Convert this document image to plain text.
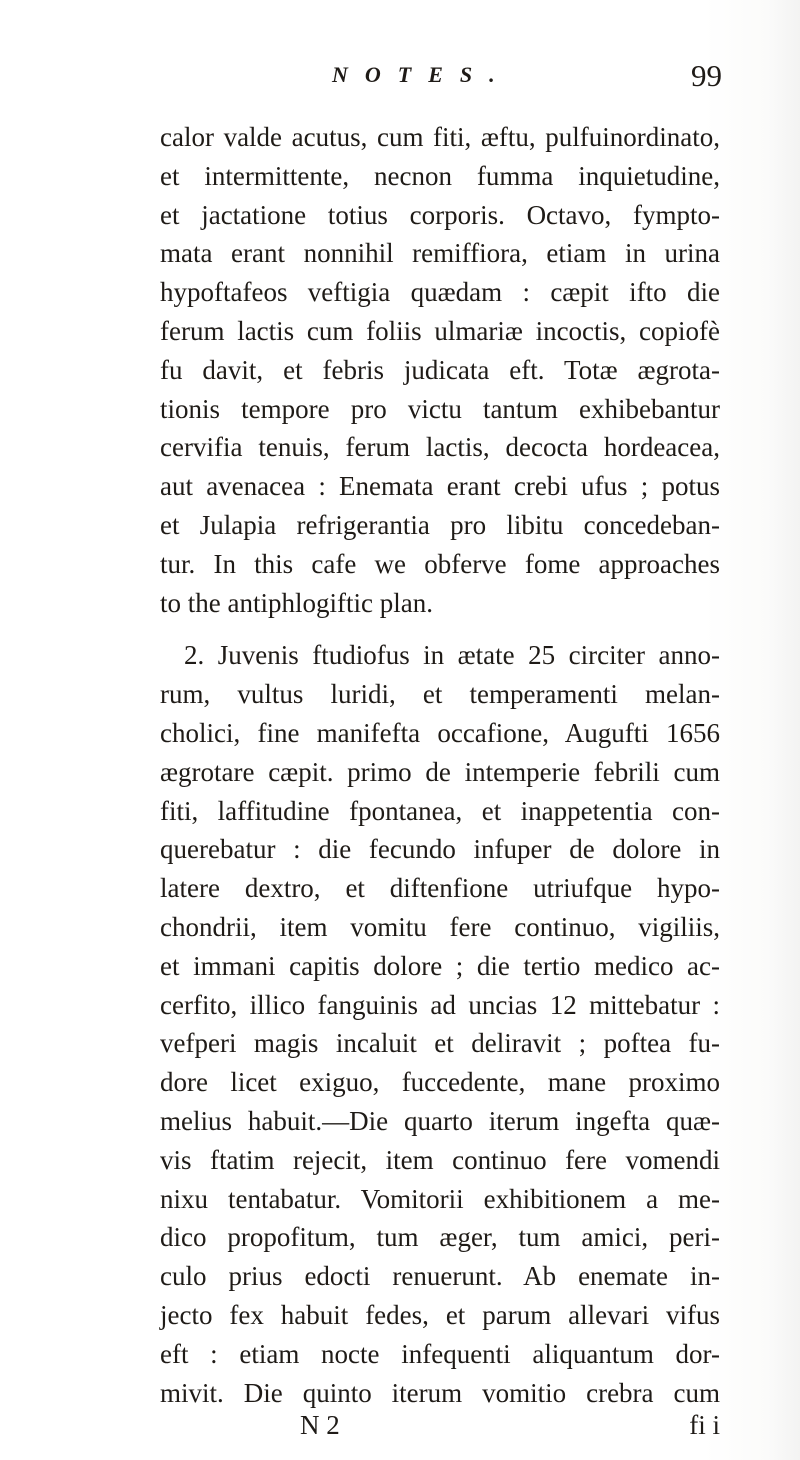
NOTES.	99
calor valde acutus, cum fiti, æftu, pulfuinordinato,
et intermittente, necnon fumma inquietudine,
et jactatione totius corporis. Octavo, fympto-
mata erant nonnihil remiffiora, etiam in urina
hypoftafeos veftigia quædam : cæpit ifto die
ferum lactis cum foliis ulmariæ incoctis, copiofè
fu davit, et febris judicata eft. Totæ ægrota-
tionis tempore pro victu tantum exhibebantur
cervifia tenuis, ferum lactis, decocta hordeacea,
aut avenacea : Enemata erant crebi ufus ; potus
et Julapia refrigerantia pro libitu concedeban-
tur. In this cafe we obferve fome approaches
to the antiphlogiftic plan.
2. Juvenis ftudiofus in ætate 25 circiter anno-
rum, vultus luridi, et temperamenti melan-
cholici, fine manifefta occafione, Augufti 1656
ægrotare cæpit. primo de intemperie febrili cum
fiti, laffitudine fpontanea, et inappetentia con-
querebatur : die fecundo infuper de dolore in
latere dextro, et diftenfione utriufque hypo-
chondrii, item vomitu fere continuo, vigiliis,
et immani capitis dolore ; die tertio medico ac-
cerfito, illico fanguinis ad uncias 12 mittebatur :
vefperi magis incaluit et deliravit ; poftea fu-
dore licet exiguo, fuccedente, mane proximo
melius habuit.—Die quarto iterum ingefta quæ-
vis ftatim rejecit, item continuo fere vomendi
nixu tentabatur. Vomitorii exhibitionem a me-
dico propofitum, tum æger, tum amici, peri-
culo prius edocti renuerunt. Ab enemate in-
jecto fex habuit fedes, et parum allevari vifus
eft : etiam nocte infequenti aliquantum dor-
mivit. Die quinto iterum vomitio crebra cum
N 2	fi i
